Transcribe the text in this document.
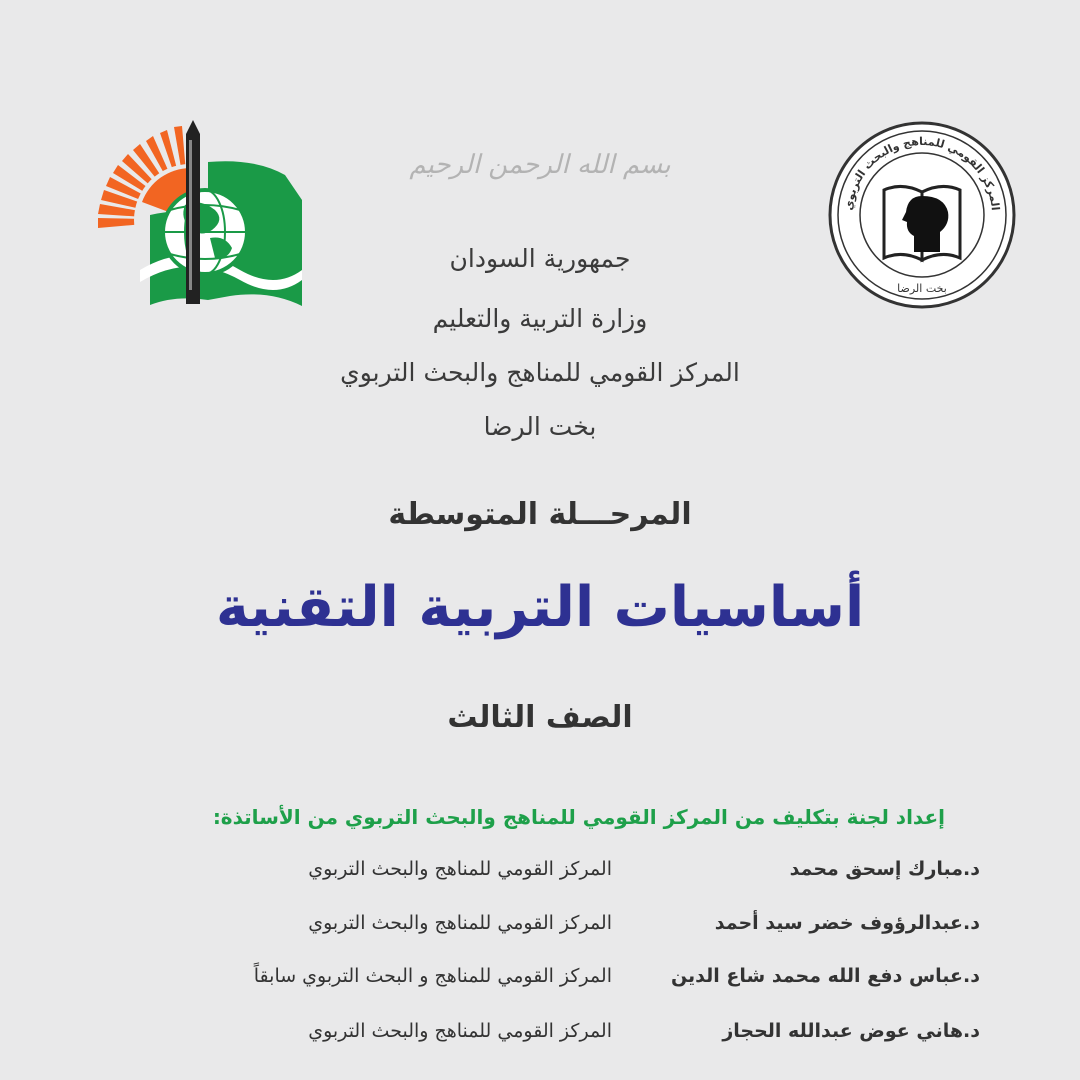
بسم الله الرحمن الرحيم
جمهورية السودان
وزارة التربية والتعليم
المركز القومي للمناهج والبحث التربوي
بخت الرضا
المركز القومي للمناهج والبحث التربوي
بخت الرضا
المرحـــلة المتوسطة
أساسيات التربية التقنية
الصف الثالث
إعداد لجنة بتكليف من المركز القومي للمناهج والبحث التربوي من الأساتذة:
د.مبارك إسحق محمد
المركز القومي للمناهج والبحث التربوي
د.عبدالرؤوف خضر سيد أحمد
المركز القومي للمناهج والبحث التربوي
د.عباس دفع الله محمد شاع الدين
المركز القومي للمناهج و البحث التربوي سابقاً
د.هاني عوض عبدالله الحجاز
المركز القومي للمناهج والبحث التربوي
